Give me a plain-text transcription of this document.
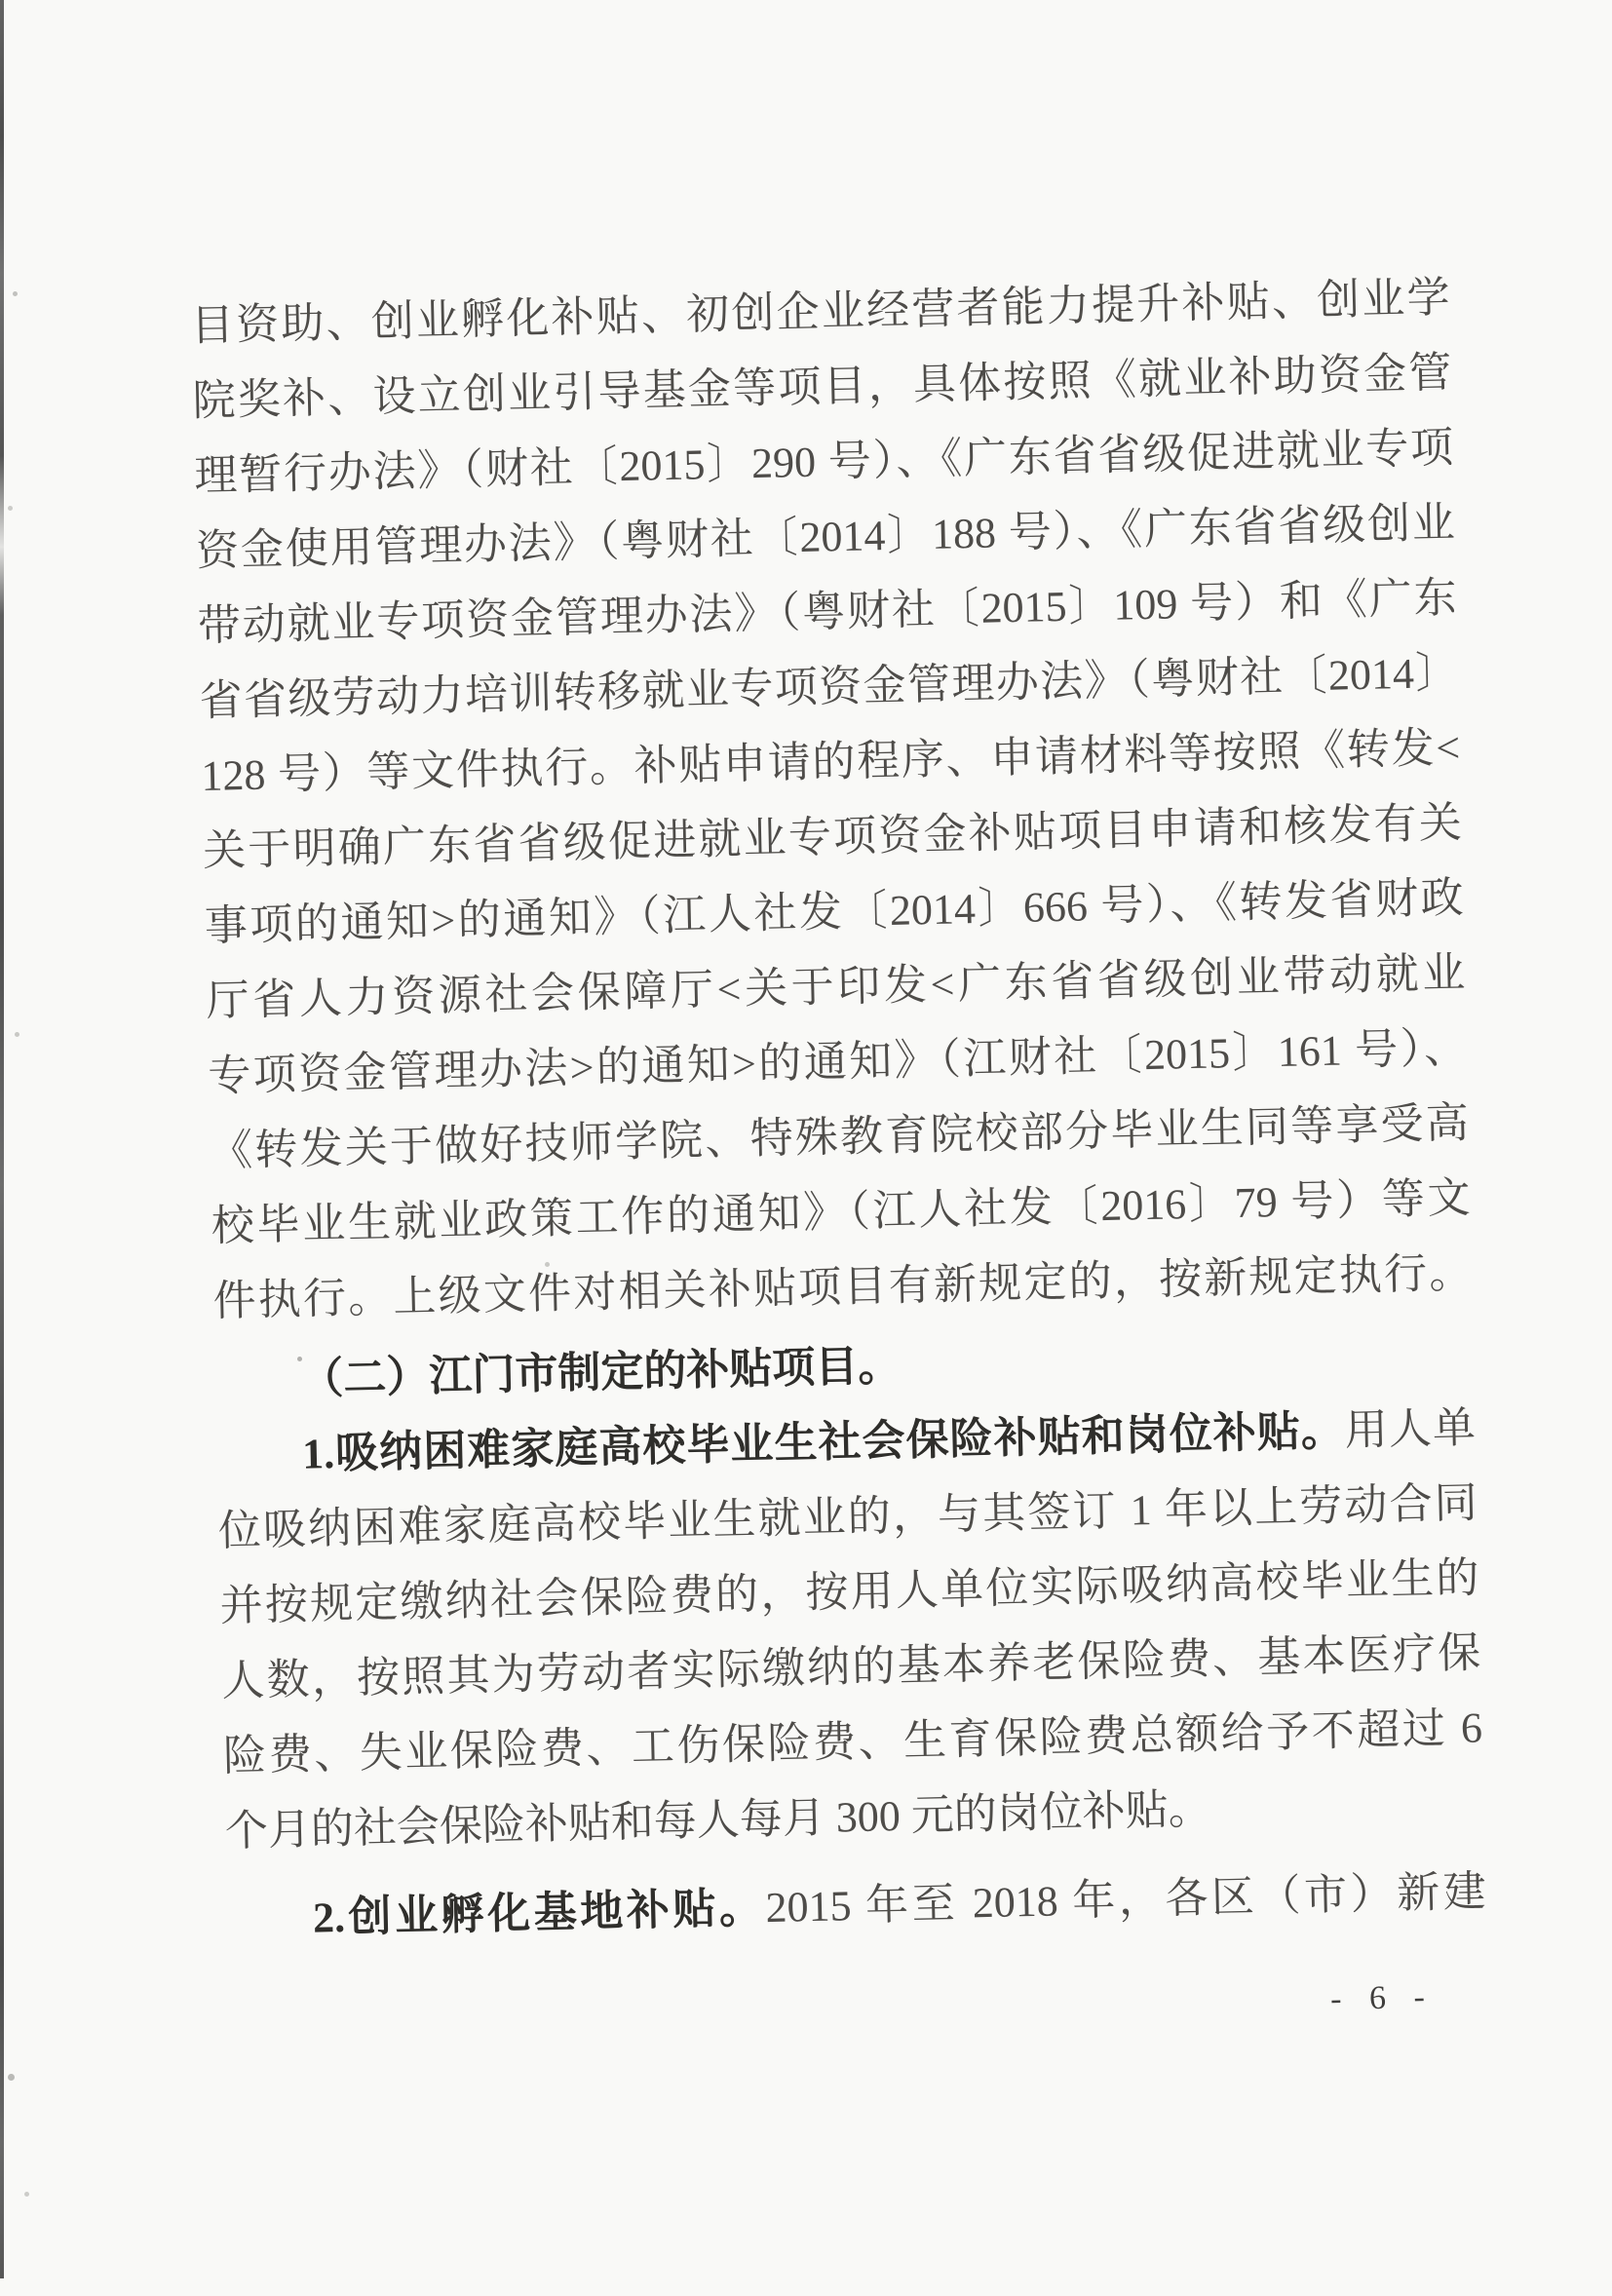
目资助、创业孵化补贴、初创企业经营者能力提升补贴、创业学
院奖补、设立创业引导基金等项目，具体按照《就业补助资金管
理暂行办法》（财社〔2015〕290 号）、《广东省省级促进就业专项
资金使用管理办法》（粤财社〔2014〕188 号）、《广东省省级创业
带动就业专项资金管理办法》（粤财社〔2015〕109 号）和《广东
省省级劳动力培训转移就业专项资金管理办法》（粤财社〔2014〕
128 号）等文件执行。补贴申请的程序、申请材料等按照《转发<
关于明确广东省省级促进就业专项资金补贴项目申请和核发有关
事项的通知>的通知》（江人社发〔2014〕666 号）、《转发省财政
厅省人力资源社会保障厅<关于印发<广东省省级创业带动就业
专项资金管理办法>的通知>的通知》（江财社〔2015〕161 号）、
《转发关于做好技师学院、特殊教育院校部分毕业生同等享受高
校毕业生就业政策工作的通知》（江人社发〔2016〕79 号）等文
件执行。上级文件对相关补贴项目有新规定的，按新规定执行。
（二）江门市制定的补贴项目。
1.吸纳困难家庭高校毕业生社会保险补贴和岗位补贴。用人单
位吸纳困难家庭高校毕业生就业的，与其签订 1 年以上劳动合同
并按规定缴纳社会保险费的，按用人单位实际吸纳高校毕业生的
人数，按照其为劳动者实际缴纳的基本养老保险费、基本医疗保
险费、失业保险费、工伤保险费、生育保险费总额给予不超过 6
个月的社会保险补贴和每人每月 300 元的岗位补贴。
2.创业孵化基地补贴。2015 年至 2018 年，各区（市）新建
- 6 -
